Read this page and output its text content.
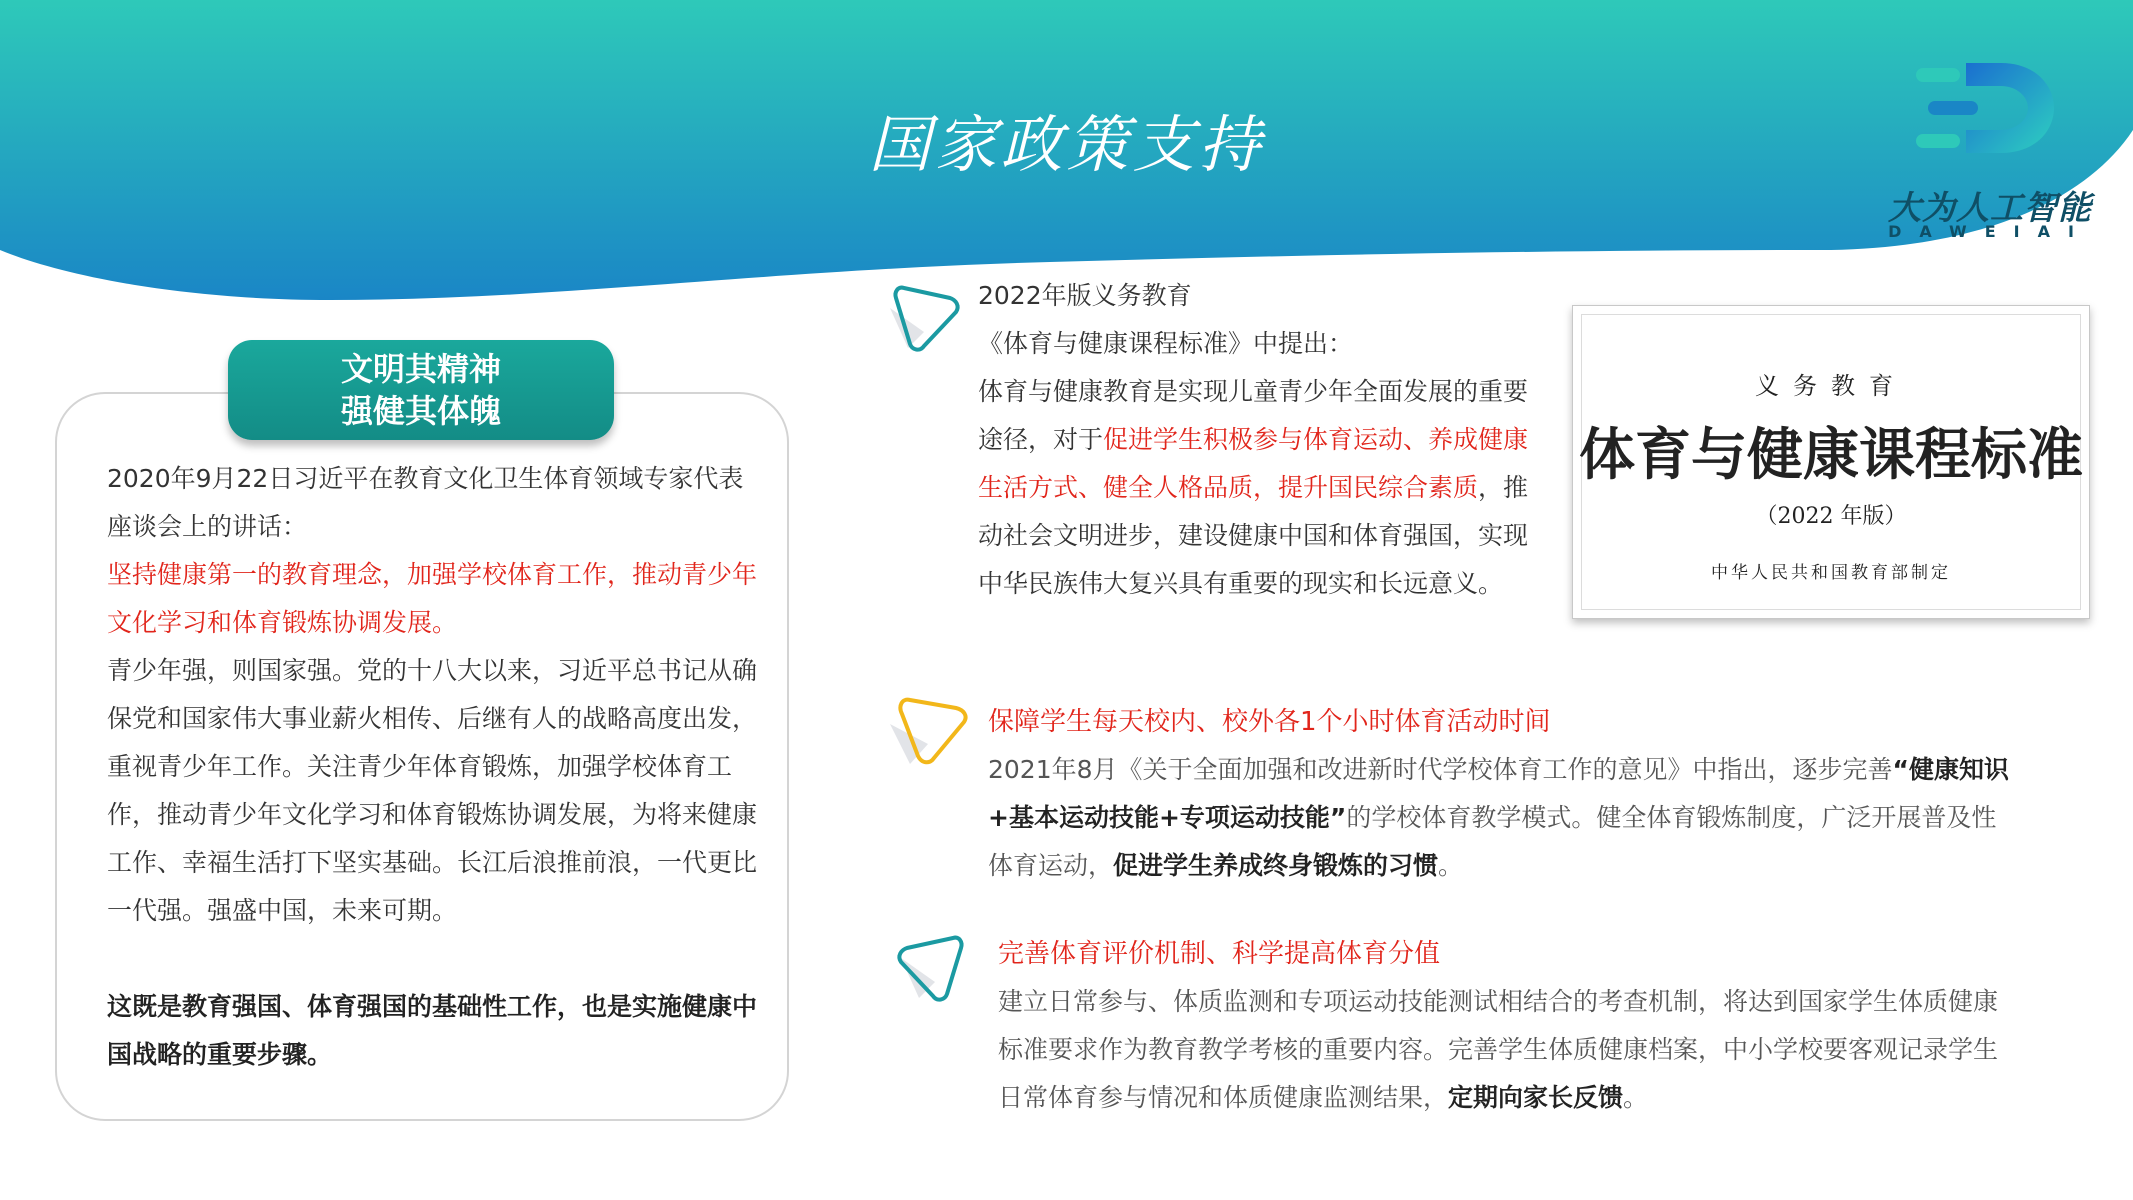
国家政策支持
大为人工智能
DAWEIAI
文明其精神
强健其体魄

2020年9月22日习近平在教育文化卫生体育领域专家代表座谈会上的讲话：

坚持健康第一的教育理念，加强学校体育工作，推动青少年文化学习和体育锻炼协调发展。

青少年强，则国家强。党的十八大以来，习近平总书记从确保党和国家伟大事业薪火相传、后继有人的战略高度出发，重视青少年工作。关注青少年体育锻炼，加强学校体育工作，推动青少年文化学习和体育锻炼协调发展，为将来健康工作、幸福生活打下坚实基础。长江后浪推前浪，一代更比一代强。强盛中国，未来可期。

这既是教育强国、体育强国的基础性工作，也是实施健康中国战略的重要步骤。

2022年版义务教育

《体育与健康课程标准》中提出：

体育与健康教育是实现儿童青少年全面发展的重要途径，对于促进学生积极参与体育运动、养成健康生活方式、健全人格品质，提升国民综合素质，推动社会文明进步，建设健康中国和体育强国，实现中华民族伟大复兴具有重要的现实和长远意义。

义务教育
体育与健康课程标准
（2022 年版）
中华人民共和国教育部制定

保障学生每天校内、校外各1个小时体育活动时间

2021年8月《关于全面加强和改进新时代学校体育工作的意见》中指出，逐步完善“健康知识+基本运动技能+专项运动技能”的学校体育教学模式。健全体育锻炼制度，广泛开展普及性体育运动，促进学生养成终身锻炼的习惯。

完善体育评价机制、科学提高体育分值

建立日常参与、体质监测和专项运动技能测试相结合的考查机制，将达到国家学生体质健康标准要求作为教育教学考核的重要内容。完善学生体质健康档案，中小学校要客观记录学生日常体育参与情况和体质健康监测结果，定期向家长反馈。
